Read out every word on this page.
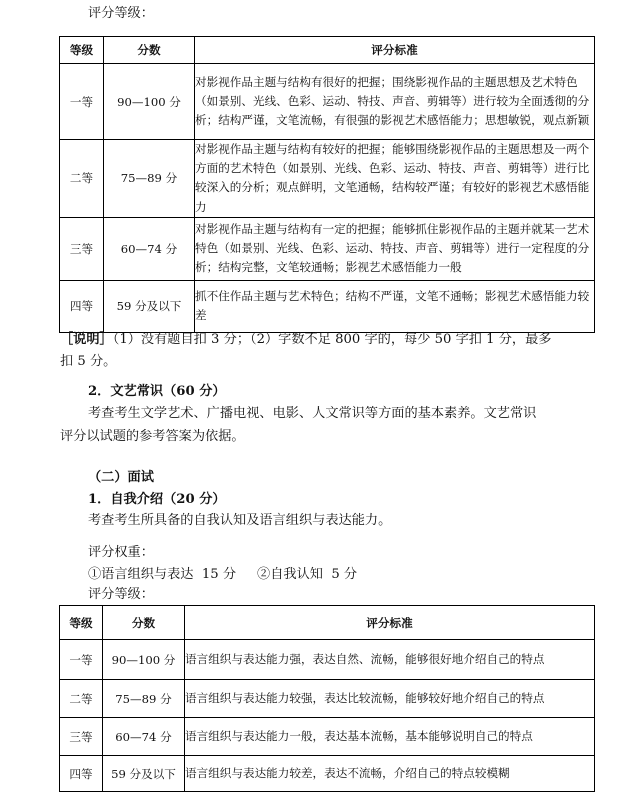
评分等级：
等级	分数	评分标准
一等	90—100 分	对影视作品主题与结构有很好的把握；围绕影视作品的主题思想及艺术特色（如景别、光线、色彩、运动、特技、声音、剪辑等）进行较为全面透彻的分析；结构严谨，文笔流畅，有很强的影视艺术感悟能力；思想敏锐，观点新颖
二等	75—89 分	对影视作品主题与结构有较好的把握；能够围绕影视作品的主题思想及一两个方面的艺术特色（如景别、光线、色彩、运动、特技、声音、剪辑等）进行比较深入的分析；观点鲜明，文笔通畅，结构较严谨；有较好的影视艺术感悟能力
三等	60—74 分	对影视作品主题与结构有一定的把握；能够抓住影视作品的主题并就某一艺术特色（如景别、光线、色彩、运动、特技、声音、剪辑等）进行一定程度的分析；结构完整，文笔较通畅；影视艺术感悟能力一般
四等	59 分及以下	抓不住作品主题与艺术特色；结构不严谨，文笔不通畅；影视艺术感悟能力较差
［说明］（1）没有题目扣 3 分；（2）字数不足 800 字的，每少 50 字扣 1 分，最多
扣 5 分。
2．文艺常识（60 分）
考查考生文学艺术、广播电视、电影、人文常识等方面的基本素养。文艺常识
评分以试题的参考答案为依据。
（二）面试
1．自我介绍（20 分）
考查考生所具备的自我认知及语言组织与表达能力。
评分权重：
①语言组织与表达  15 分     ②自我认知  5 分
评分等级：
等级	分数	评分标准
一等	90—100 分	语言组织与表达能力强，表达自然、流畅，能够很好地介绍自己的特点
二等	75—89 分	语言组织与表达能力较强，表达比较流畅，能够较好地介绍自己的特点
三等	60—74 分	语言组织与表达能力一般，表达基本流畅，基本能够说明自己的特点
四等	59 分及以下	语言组织与表达能力较差，表达不流畅，介绍自己的特点较模糊
